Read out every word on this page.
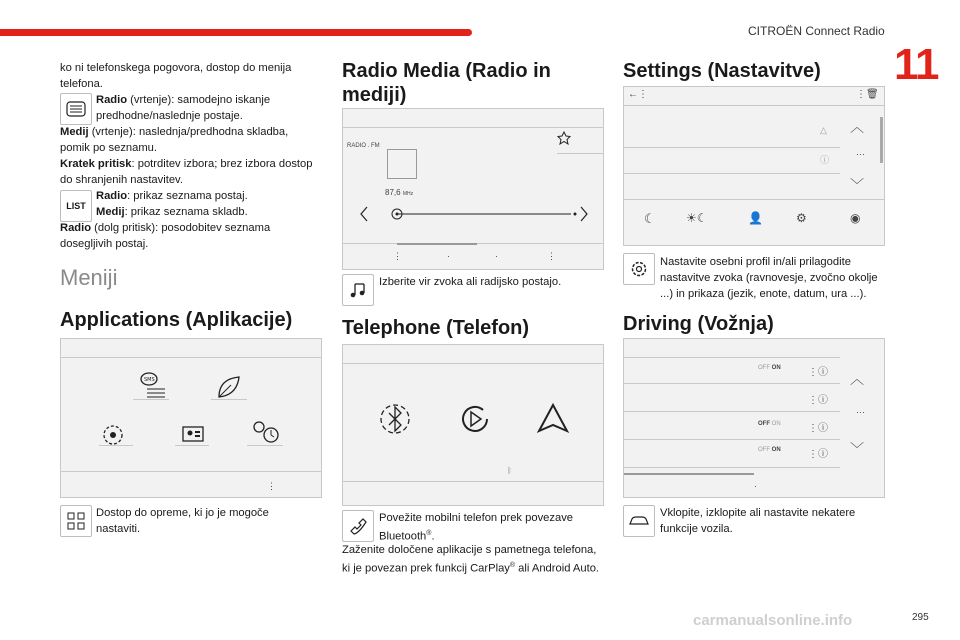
CITROËN Connect Radio
11

ko ni telefonskega pogovora, dostop do menija telefona.

Radio (vrtenje): samodejno iskanje predhodne/naslednje postaje.

Medij (vrtenje): naslednja/predhodna skladba, pomik po seznamu.

Kratek pritisk: potrditev izbora; brez izbora dostop do shranjenih nastavitev.

LIST

Radio: prikaz seznama postaj.

Medij: prikaz seznama skladb.

Radio (dolg pritisk): posodobitev seznama dosegljivih postaj.

Meniji
Applications (Aplikacije)
SMS
⋮
Dostop do opreme, ki jo je mogoče nastaviti.
Radio Media (Radio in mediji)
RADIO . FM
87,6 MHz
⋮	·	·	⋮
Izberite vir zvoka ali radijsko postajo.
Telephone (Telefon)
ᛒ
Povežite mobilni telefon prek povezave Bluetooth®.
Zaženite določene aplikacije s pametnega telefona, ki je povezan prek funkcij CarPlay® ali Android Auto.
Settings (Nastavitve)
←⋮	⋮🗑
△
ⓘ
︿
···
﹀
☾	☀☾	👤	⚙	◉
Nastavite osebni profil in/ali prilagodite nastavitve zvoka (ravnovesje, zvočno okolje ...) in prikaza (jezik, enote, datum, ura ...).
Driving (Vožnja)
OFF ON	⋮ⓘ
⋮ⓘ
OFF ON	⋮ⓘ
OFF ON	⋮ⓘ
︿
···
﹀
·
Vklopite, izklopite ali nastavite nekatere funkcije vozila.
carmanualsonline.info	295
